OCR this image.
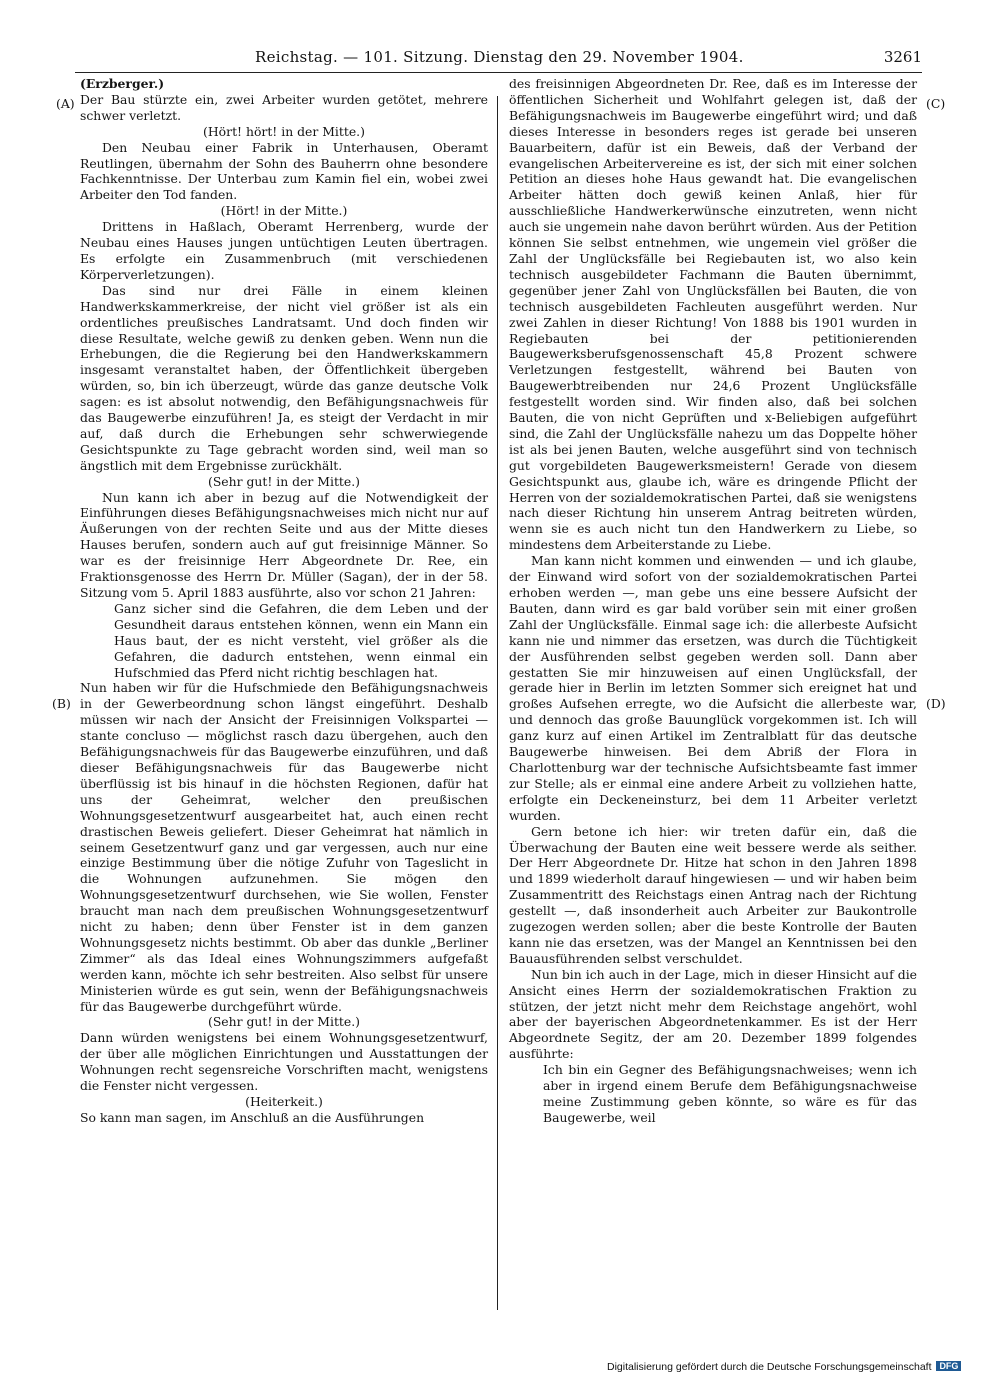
Reichstag. — 101. Sitzung. Dienstag den 29. November 1904.	3261
(A)
(B)
(C)
(D)

(Erzberger.)

Der Bau stürzte ein, zwei Arbeiter wurden getötet, mehrere schwer verletzt.

(Hört! hört! in der Mitte.)

Den Neubau einer Fabrik in Unterhausen, Oberamt Reutlingen, übernahm der Sohn des Bauherrn ohne besondere Fachkenntnisse. Der Unterbau zum Kamin fiel ein, wobei zwei Arbeiter den Tod fanden.

(Hört! in der Mitte.)

Drittens in Haßlach, Oberamt Herrenberg, wurde der Neubau eines Hauses jungen untüchtigen Leuten übertragen. Es erfolgte ein Zusammenbruch (mit verschiedenen Körperverletzungen).

Das sind nur drei Fälle in einem kleinen Handwerkskammerkreise, der nicht viel größer ist als ein ordentliches preußisches Landratsamt. Und doch finden wir diese Resultate, welche gewiß zu denken geben. Wenn nun die Erhebungen, die die Regierung bei den Handwerkskammern insgesamt veranstaltet haben, der Öffentlichkeit übergeben würden, so, bin ich überzeugt, würde das ganze deutsche Volk sagen: es ist absolut notwendig, den Befähigungsnachweis für das Baugewerbe einzuführen! Ja, es steigt der Verdacht in mir auf, daß durch die Erhebungen sehr schwerwiegende Gesichtspunkte zu Tage gebracht worden sind, weil man so ängstlich mit dem Ergebnisse zurückhält.

(Sehr gut! in der Mitte.)

Nun kann ich aber in bezug auf die Notwendigkeit der Einführungen dieses Befähigungsnachweises mich nicht nur auf Äußerungen von der rechten Seite und aus der Mitte dieses Hauses berufen, sondern auch auf gut freisinnige Männer. So war es der freisinnige Herr Abgeordnete Dr. Ree, ein Fraktionsgenosse des Herrn Dr. Müller (Sagan), der in der 58. Sitzung vom 5. April 1883 ausführte, also vor schon 21 Jahren:

Ganz sicher sind die Gefahren, die dem Leben und der Gesundheit daraus entstehen können, wenn ein Mann ein Haus baut, der es nicht versteht, viel größer als die Gefahren, die dadurch entstehen, wenn einmal ein Hufschmied das Pferd nicht richtig beschlagen hat.

Nun haben wir für die Hufschmiede den Befähigungsnachweis in der Gewerbeordnung schon längst eingeführt. Deshalb müssen wir nach der Ansicht der Freisinnigen Volkspartei — stante concluso — möglichst rasch dazu übergehen, auch den Befähigungsnachweis für das Baugewerbe einzuführen, und daß dieser Befähigungsnachweis für das Baugewerbe nicht überflüssig ist bis hinauf in die höchsten Regionen, dafür hat uns der Geheimrat, welcher den preußischen Wohnungsgesetzentwurf ausgearbeitet hat, auch einen recht drastischen Beweis geliefert. Dieser Geheimrat hat nämlich in seinem Gesetzentwurf ganz und gar vergessen, auch nur eine einzige Bestimmung über die nötige Zufuhr von Tageslicht in die Wohnungen aufzunehmen. Sie mögen den Wohnungsgesetzentwurf durchsehen, wie Sie wollen, Fenster braucht man nach dem preußischen Wohnungsgesetzentwurf nicht zu haben; denn über Fenster ist in dem ganzen Wohnungsgesetz nichts bestimmt. Ob aber das dunkle „Berliner Zimmer“ als das Ideal eines Wohnungszimmers aufgefaßt werden kann, möchte ich sehr bestreiten. Also selbst für unsere Ministerien würde es gut sein, wenn der Befähigungsnachweis für das Baugewerbe durchgeführt würde.

(Sehr gut! in der Mitte.)

Dann würden wenigstens bei einem Wohnungsgesetzentwurf, der über alle möglichen Einrichtungen und Ausstattungen der Wohnungen recht segensreiche Vorschriften macht, wenigstens die Fenster nicht vergessen.

(Heiterkeit.)

So kann man sagen, im Anschluß an die Ausführungen

des freisinnigen Abgeordneten Dr. Ree, daß es im Interesse der öffentlichen Sicherheit und Wohlfahrt gelegen ist, daß der Befähigungsnachweis im Baugewerbe eingeführt wird; und daß dieses Interesse in besonders reges ist gerade bei unseren Bauarbeitern, dafür ist ein Beweis, daß der Verband der evangelischen Arbeitervereine es ist, der sich mit einer solchen Petition an dieses hohe Haus gewandt hat. Die evangelischen Arbeiter hätten doch gewiß keinen Anlaß, hier für ausschließliche Handwerkerwünsche einzutreten, wenn nicht auch sie ungemein nahe davon berührt würden. Aus der Petition können Sie selbst entnehmen, wie ungemein viel größer die Zahl der Unglücksfälle bei Regiebauten ist, wo also kein technisch ausgebildeter Fachmann die Bauten übernimmt, gegenüber jener Zahl von Unglücksfällen bei Bauten, die von technisch ausgebildeten Fachleuten ausgeführt werden. Nur zwei Zahlen in dieser Richtung! Von 1888 bis 1901 wurden in Regiebauten bei der petitionierenden Baugewerksberufsgenossenschaft 45,8 Prozent schwere Verletzungen festgestellt, während bei Bauten von Baugewerbtreibenden nur 24,6 Prozent Unglücksfälle festgestellt worden sind. Wir finden also, daß bei solchen Bauten, die von nicht Geprüften und x-Beliebigen aufgeführt sind, die Zahl der Unglücksfälle nahezu um das Doppelte höher ist als bei jenen Bauten, welche ausgeführt sind von technisch gut vorgebildeten Baugewerksmeistern! Gerade von diesem Gesichtspunkt aus, glaube ich, wäre es dringende Pflicht der Herren von der sozialdemokratischen Partei, daß sie wenigstens nach dieser Richtung hin unserem Antrag beitreten würden, wenn sie es auch nicht tun den Handwerkern zu Liebe, so mindestens dem Arbeiterstande zu Liebe.

Man kann nicht kommen und einwenden — und ich glaube, der Einwand wird sofort von der sozialdemokratischen Partei erhoben werden —, man gebe uns eine bessere Aufsicht der Bauten, dann wird es gar bald vorüber sein mit einer großen Zahl der Unglücksfälle. Einmal sage ich: die allerbeste Aufsicht kann nie und nimmer das ersetzen, was durch die Tüchtigkeit der Ausführenden selbst gegeben werden soll. Dann aber gestatten Sie mir hinzuweisen auf einen Unglücksfall, der gerade hier in Berlin im letzten Sommer sich ereignet hat und großes Aufsehen erregte, wo die Aufsicht die allerbeste war, und dennoch das große Bauunglück vorgekommen ist. Ich will ganz kurz auf einen Artikel im Zentralblatt für das deutsche Baugewerbe hinweisen. Bei dem Abriß der Flora in Charlottenburg war der technische Aufsichtsbeamte fast immer zur Stelle; als er einmal eine andere Arbeit zu vollziehen hatte, erfolgte ein Deckeneinsturz, bei dem 11 Arbeiter verletzt wurden.

Gern betone ich hier: wir treten dafür ein, daß die Überwachung der Bauten eine weit bessere werde als seither. Der Herr Abgeordnete Dr. Hitze hat schon in den Jahren 1898 und 1899 wiederholt darauf hingewiesen — und wir haben beim Zusammentritt des Reichstags einen Antrag nach der Richtung gestellt —, daß insonderheit auch Arbeiter zur Baukontrolle zugezogen werden sollen; aber die beste Kontrolle der Bauten kann nie das ersetzen, was der Mangel an Kenntnissen bei den Bauausführenden selbst verschuldet.

Nun bin ich auch in der Lage, mich in dieser Hinsicht auf die Ansicht eines Herrn der sozialdemokratischen Fraktion zu stützen, der jetzt nicht mehr dem Reichstage angehört, wohl aber der bayerischen Abgeordnetenkammer. Es ist der Herr Abgeordnete Segitz, der am 20. Dezember 1899 folgendes ausführte:

Ich bin ein Gegner des Befähigungsnachweises; wenn ich aber in irgend einem Berufe dem Befähigungsnachweise meine Zustimmung geben könnte, so wäre es für das Baugewerbe, weil

Digitalisierung gefördert durch die Deutsche Forschungsgemeinschaft DFG
